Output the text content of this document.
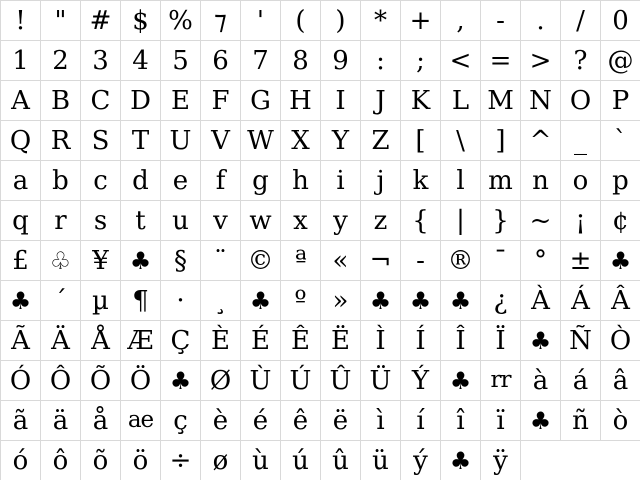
!	" # $ % ⁊	'	(	)	* + ,	-	.	/	0
1 2 3 4 5 6 7 8 9	:	; < = > ? @
A B C D E F G H I	J K L M N O P
Q R S T U V W X Y Z [	\	] ^ _	`
a b c d e	f	g h	i	j	k	l m n o p
q r	s	t	u v w x y z {	|	} ~ ¡	¢
£ ♧ ¥ ♣ §	¨ © ª « ¬ - ® ¯	° ± ♣
♣ ´ µ ¶	·	¸ ♣ º » ♣ ♣ ♣ ¿ À Á Â
Ã Ä Å Æ Ç È É Ê Ë Ì	Í	Î	Ï	♣ Ñ Ò
Ó Ô Õ Ö ♣ Ø Ù Ú Û Ü Ý ♣ rr à á â
ã ä å ae ç è é ê ë	ì	í	î	ï	♣ ñ ò
ó ô õ ö ÷ ø ù ú û ü ý ♣ ÿ
